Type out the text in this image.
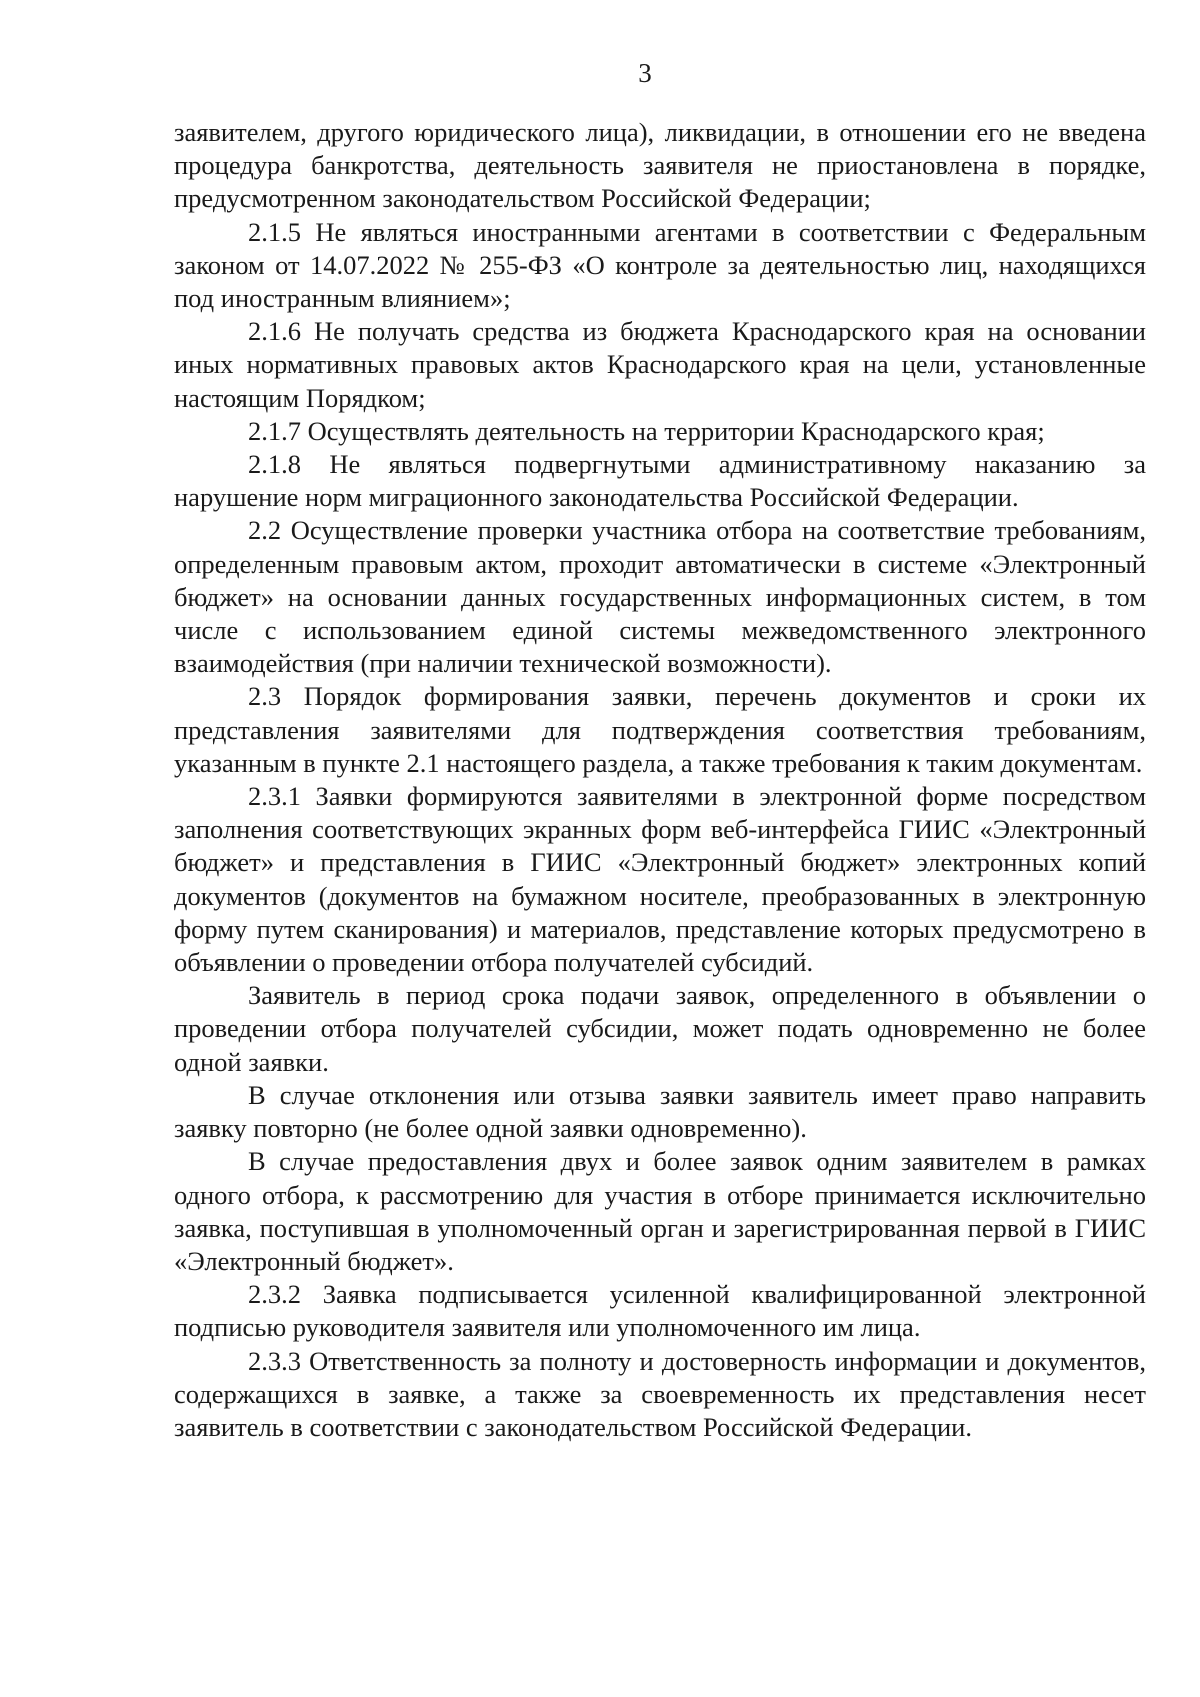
3

заявителем, другого юридического лица), ликвидации, в отношении его не введена процедура банкротства, деятельность заявителя не приостановлена в порядке, предусмотренном законодательством Российской Федерации;

2.1.5 Не являться иностранными агентами в соответствии с Федеральным законом от 14.07.2022 № 255-ФЗ «О контроле за деятельностью лиц, находящихся под иностранным влиянием»;

2.1.6 Не получать средства из бюджета Краснодарского края на основании иных нормативных правовых актов Краснодарского края на цели, установленные настоящим Порядком;

2.1.7 Осуществлять деятельность на территории Краснодарского края;

2.1.8 Не являться подвергнутыми административному наказанию за нарушение норм миграционного законодательства Российской Федерации.

2.2 Осуществление проверки участника отбора на соответствие требованиям, определенным правовым актом, проходит автоматически в системе «Электронный бюджет» на основании данных государственных информационных систем, в том числе с использованием единой системы межведомственного электронного взаимодействия (при наличии технической возможности).

2.3 Порядок формирования заявки, перечень документов и сроки их представления заявителями для подтверждения соответствия требованиям, указанным в пункте 2.1 настоящего раздела, а также требования к таким документам.

2.3.1 Заявки формируются заявителями в электронной форме посредством заполнения соответствующих экранных форм веб-интерфейса ГИИС «Электронный бюджет» и представления в ГИИС «Электронный бюджет» электронных копий документов (документов на бумажном носителе, преобразованных в электронную форму путем сканирования) и материалов, представление которых предусмотрено в объявлении о проведении отбора получателей субсидий.

Заявитель в период срока подачи заявок, определенного в объявлении о проведении отбора получателей субсидии, может подать одновременно не более одной заявки.

В случае отклонения или отзыва заявки заявитель имеет право направить заявку повторно (не более одной заявки одновременно).

В случае предоставления двух и более заявок одним заявителем в рамках одного отбора, к рассмотрению для участия в отборе принимается исключительно заявка, поступившая в уполномоченный орган и зарегистрированная первой в ГИИС «Электронный бюджет».

2.3.2 Заявка подписывается усиленной квалифицированной электронной подписью руководителя заявителя или уполномоченного им лица.

2.3.3 Ответственность за полноту и достоверность информации и документов, содержащихся в заявке, а также за своевременность их представления несет заявитель в соответствии с законодательством Российской Федерации.
